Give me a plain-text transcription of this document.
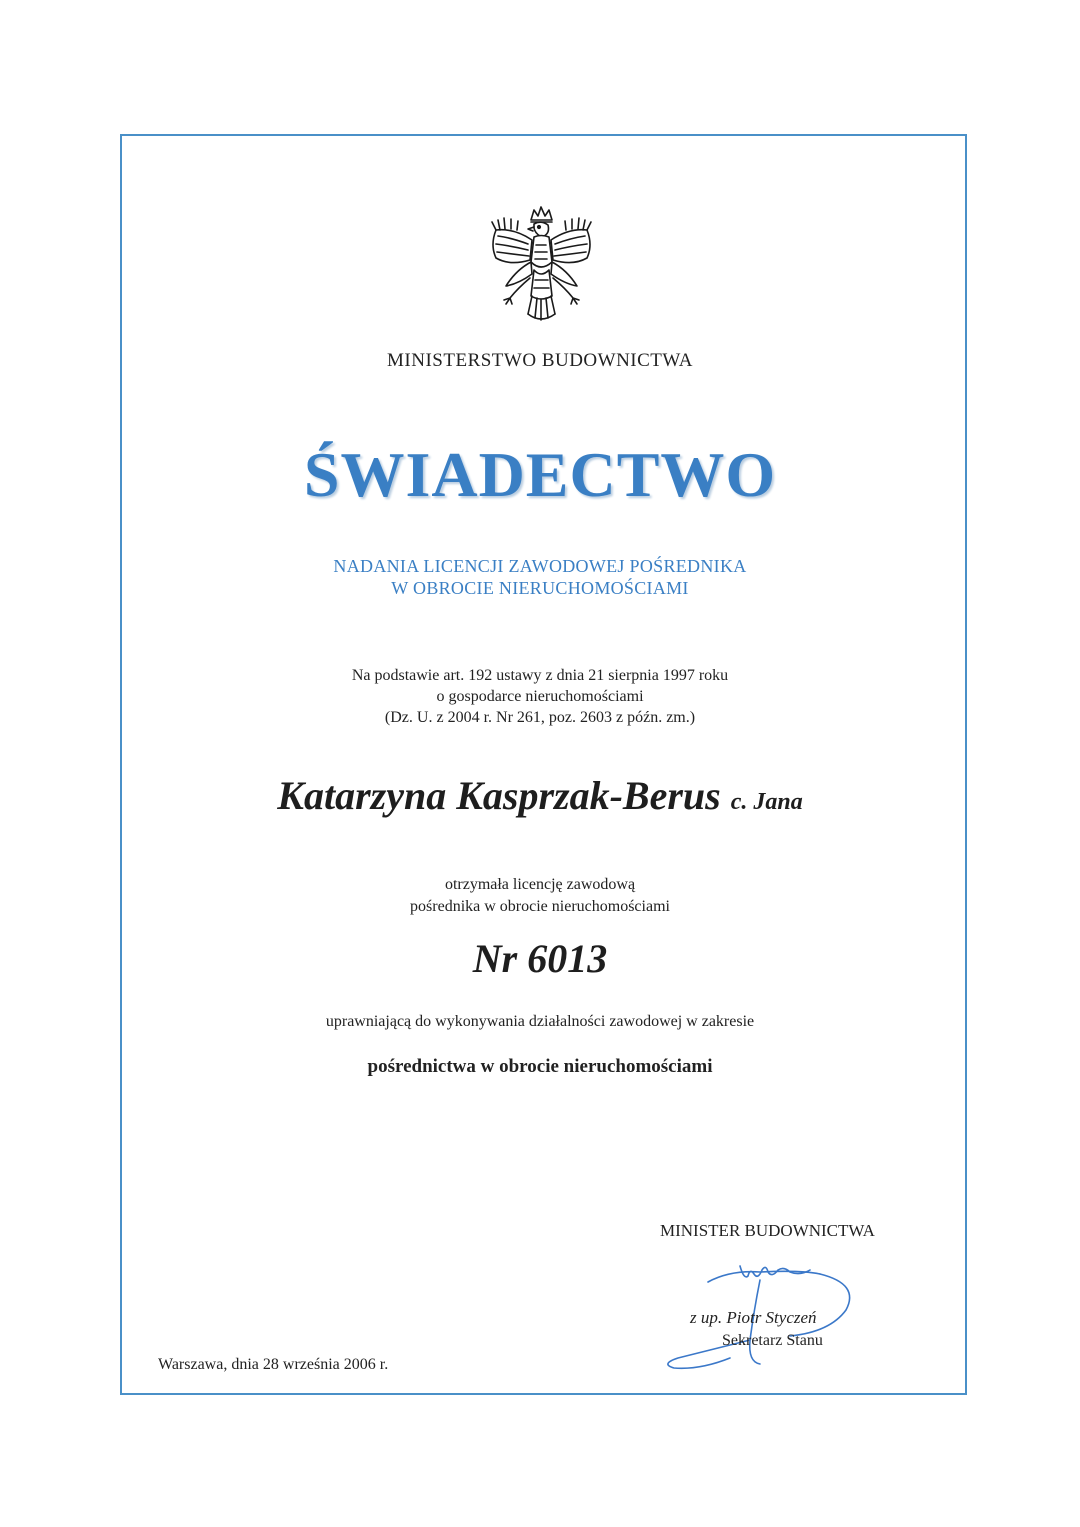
MINISTERSTWO BUDOWNICTWA

ŚWIADECTWO
NADANIA LICENCJI ZAWODOWEJ POŚREDNIKA
W OBROCIE NIERUCHOMOŚCIAMI
Na podstawie art. 192 ustawy z dnia 21 sierpnia 1997 roku
o gospodarce nieruchomościami
(Dz. U. z 2004 r. Nr 261, poz. 2603 z późn. zm.)
Katarzyna Kasprzak-Berus c. Jana
otrzymała licencję zawodową
pośrednika w obrocie nieruchomościami
Nr 6013
uprawniającą do wykonywania działalności zawodowej w zakresie
pośrednictwa w obrocie nieruchomościami

MINISTER BUDOWNICTWA

z up. Piotr Styczeń

Sekretarz Stanu

Warszawa, dnia 28 września 2006 r.
